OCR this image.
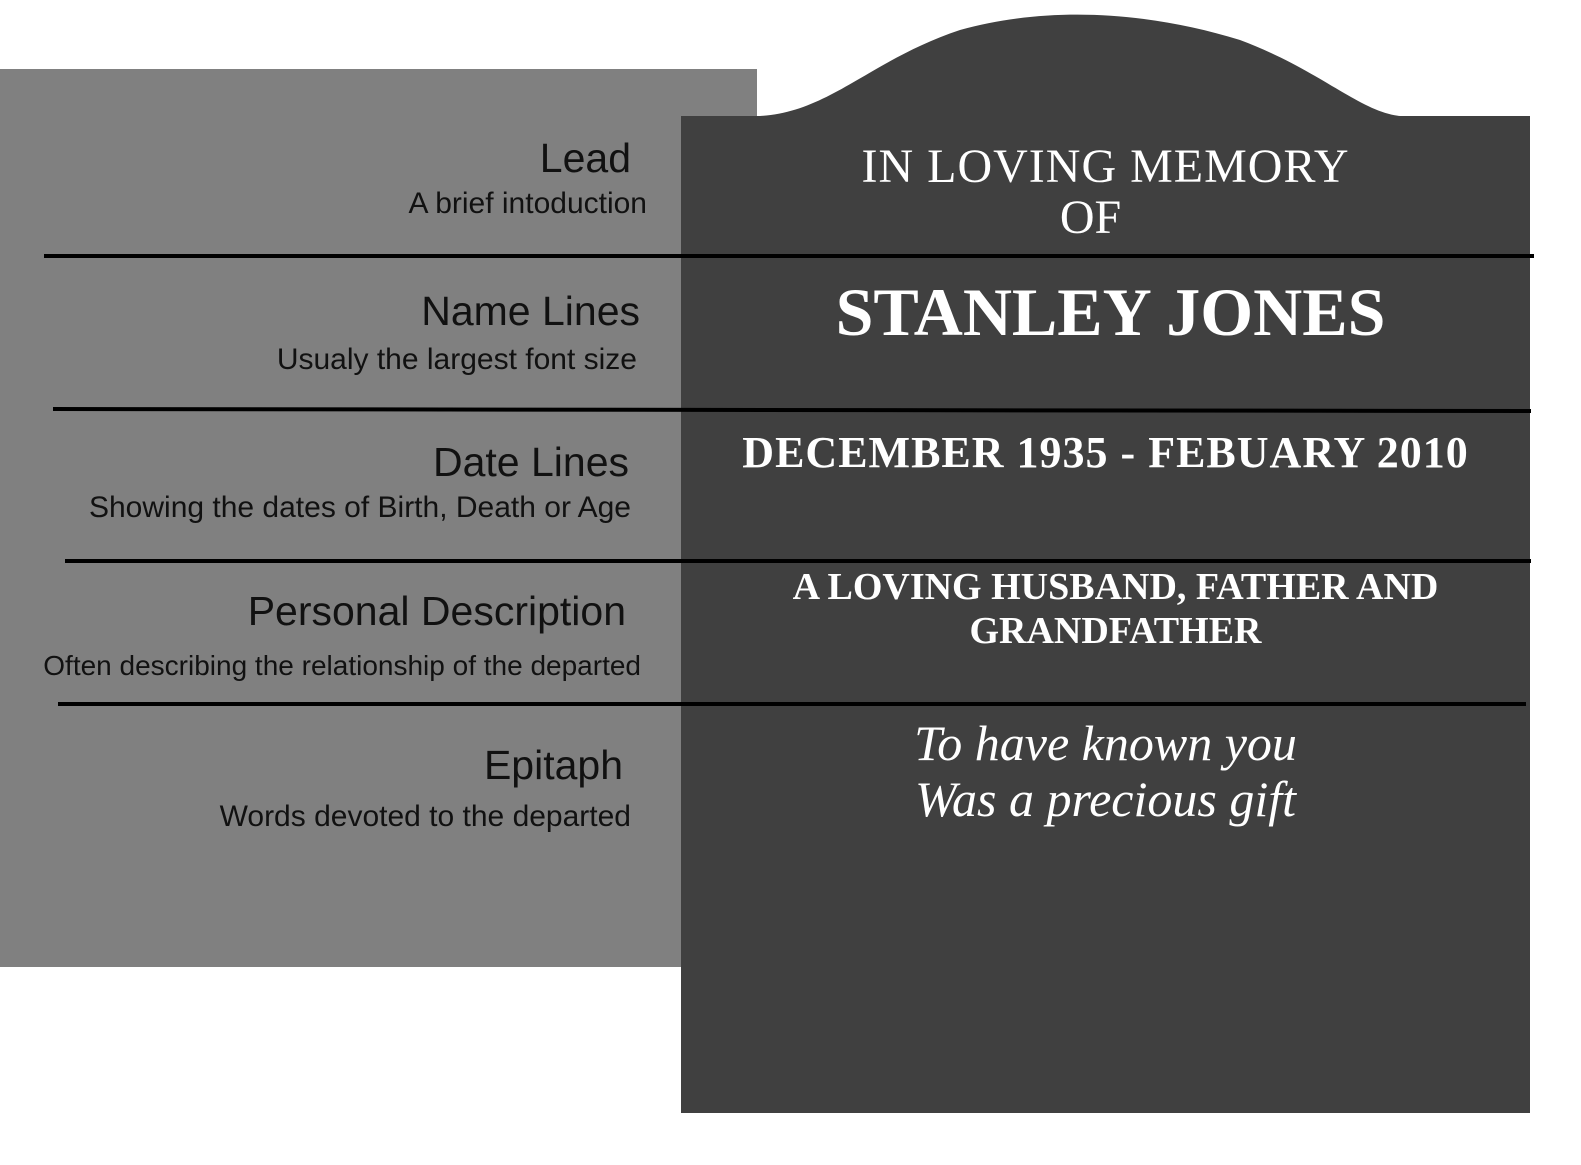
Lead
A brief intoduction
Name Lines
Usualy the largest font size
Date Lines
Showing the dates of Birth, Death or Age
Personal Description
Often describing the relationship of the departed
Epitaph
Words devoted to the departed
IN LOVING MEMORY
OF
STANLEY JONES
DECEMBER 1935 - FEBUARY 2010
A LOVING HUSBAND, FATHER AND
GRANDFATHER
To have known you
Was a precious gift
